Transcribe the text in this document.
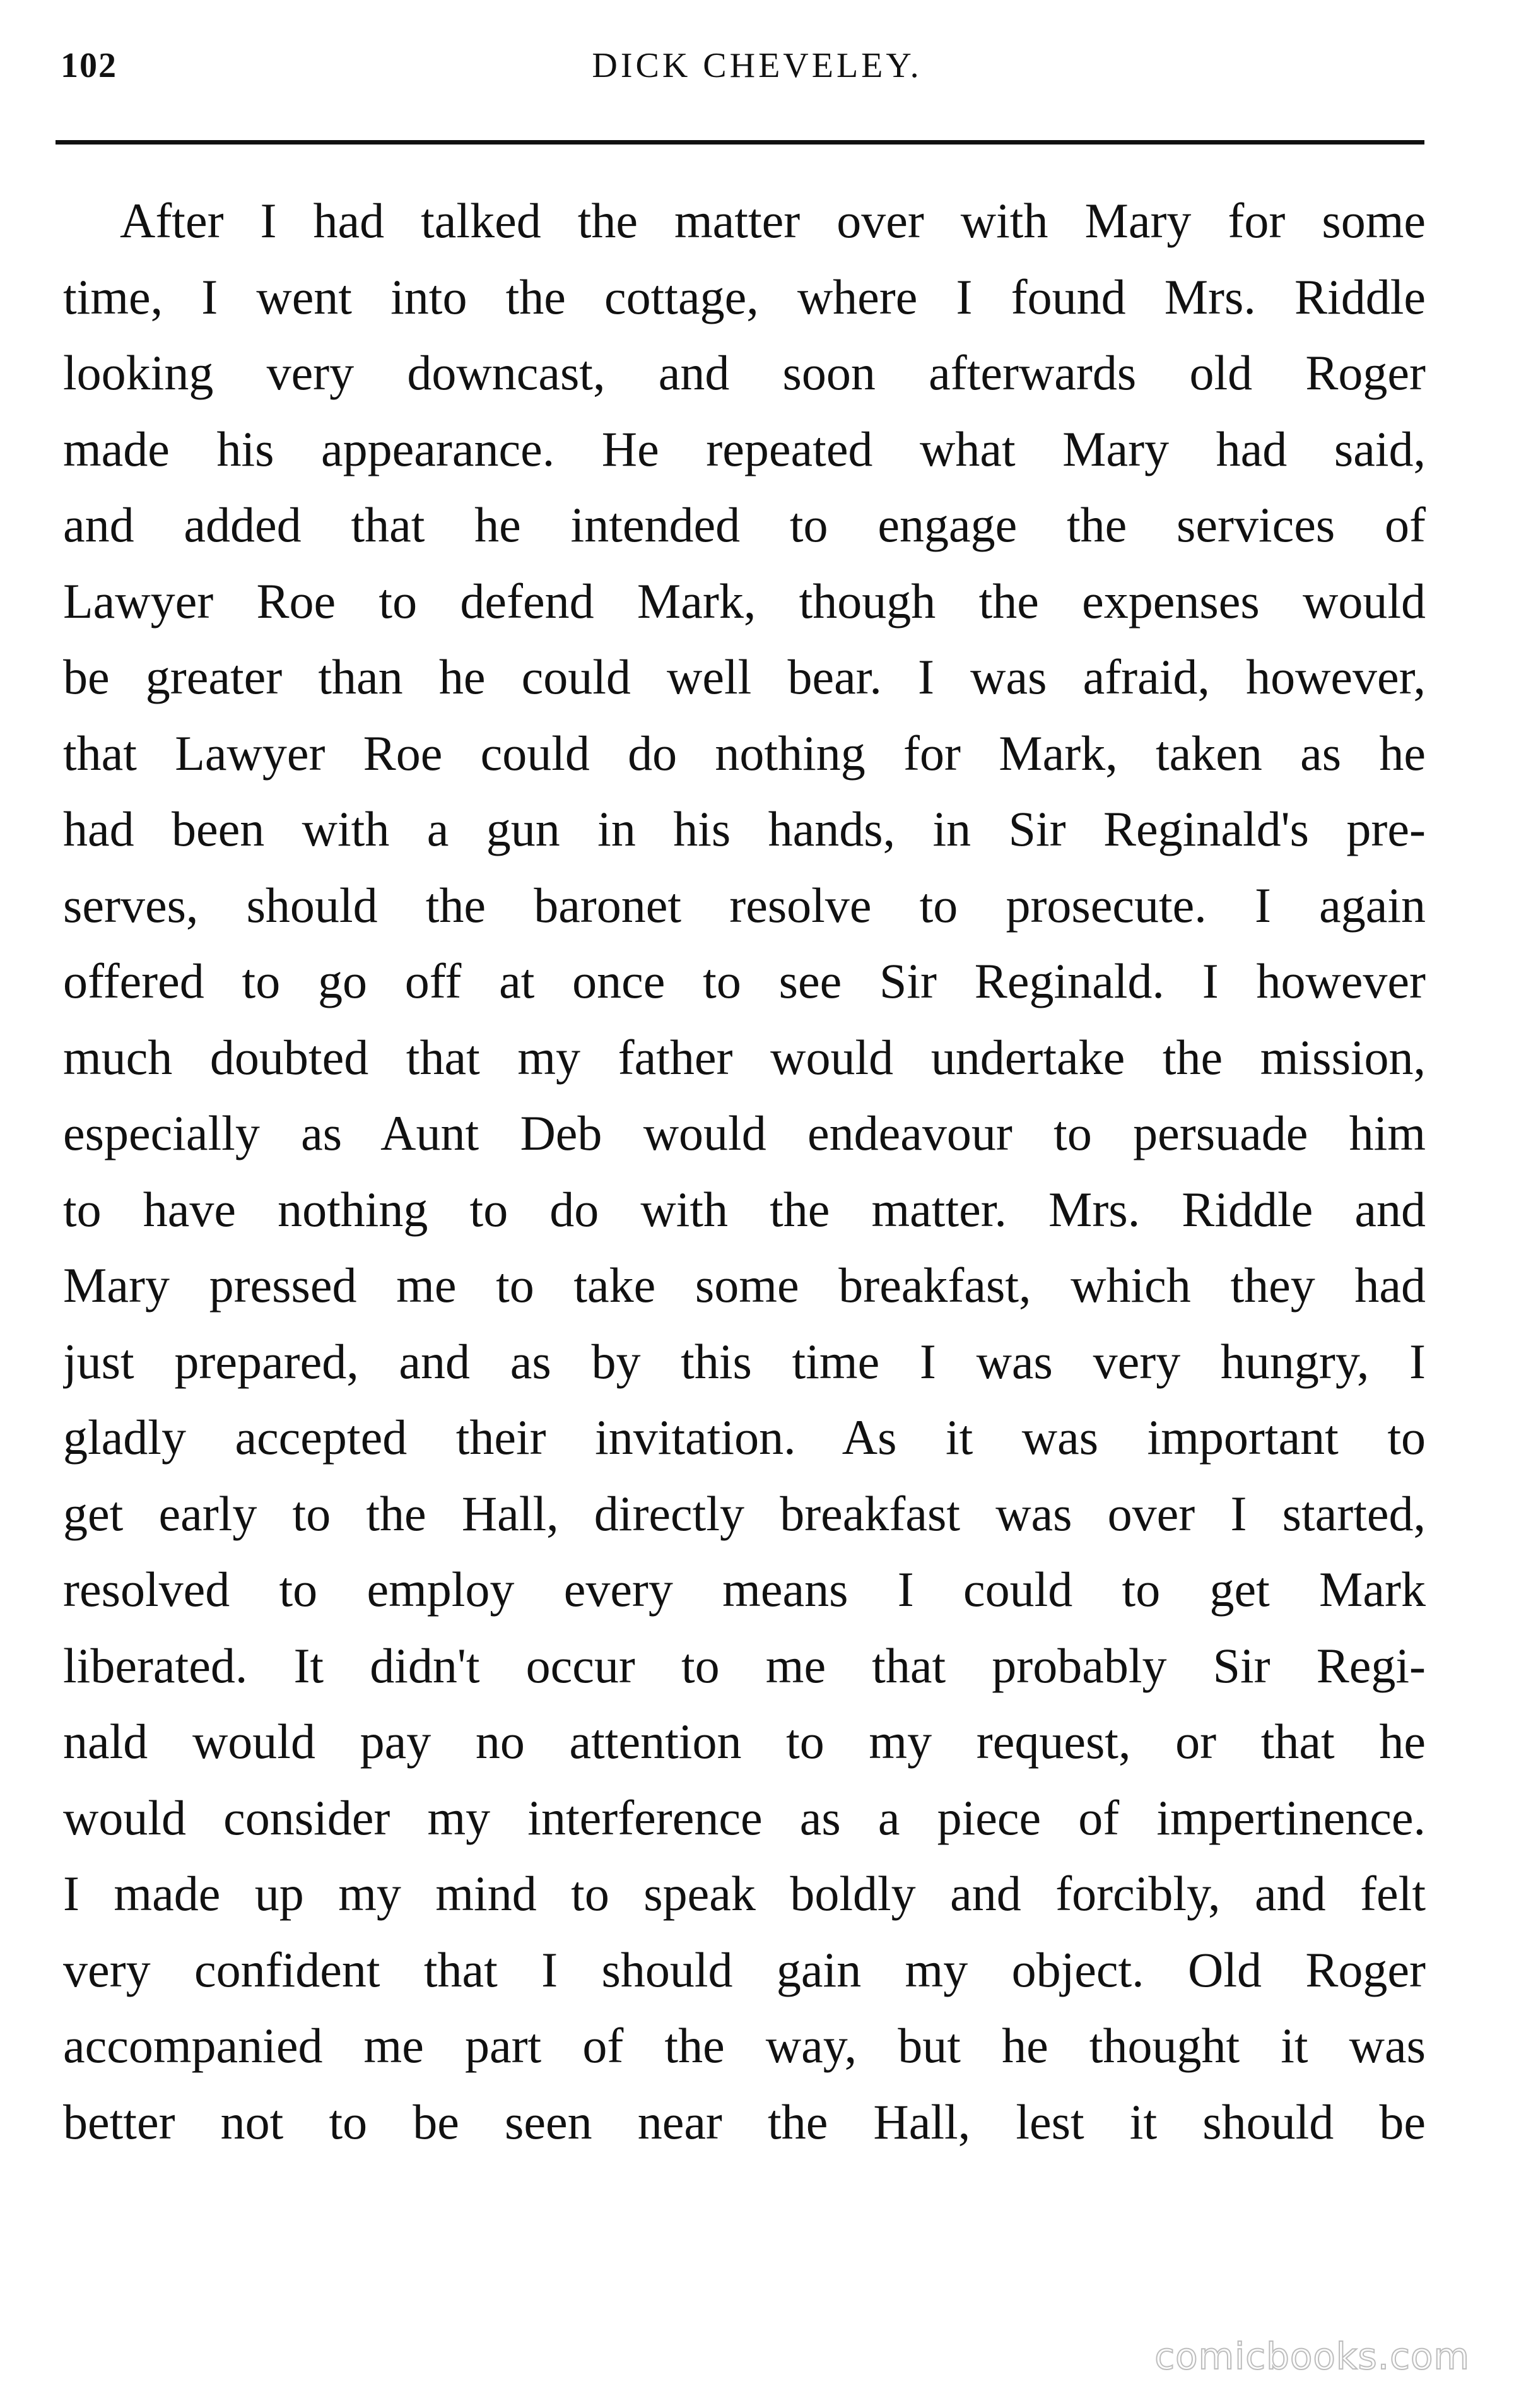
102	DICK CHEVELEY.
After I had talked the matter over with Mary for some
time, I went into the cottage, where I found Mrs. Riddle
looking very downcast, and soon afterwards old Roger
made his appearance. He repeated what Mary had said,
and added that he intended to engage the services of
Lawyer Roe to defend Mark, though the expenses would
be greater than he could well bear. I was afraid, however,
that Lawyer Roe could do nothing for Mark, taken as he
had been with a gun in his hands, in Sir Reginald's pre-
serves, should the baronet resolve to prosecute. I again
offered to go off at once to see Sir Reginald. I however
much doubted that my father would undertake the mission,
especially as Aunt Deb would endeavour to persuade him
to have nothing to do with the matter. Mrs. Riddle and
Mary pressed me to take some breakfast, which they had
just prepared, and as by this time I was very hungry, I
gladly accepted their invitation. As it was important to
get early to the Hall, directly breakfast was over I started,
resolved to employ every means I could to get Mark
liberated. It didn't occur to me that probably Sir Regi-
nald would pay no attention to my request, or that he
would consider my interference as a piece of impertinence.
I made up my mind to speak boldly and forcibly, and felt
very confident that I should gain my object. Old Roger
accompanied me part of the way, but he thought it was
better not to be seen near the Hall, lest it should be
comicbooks.com
